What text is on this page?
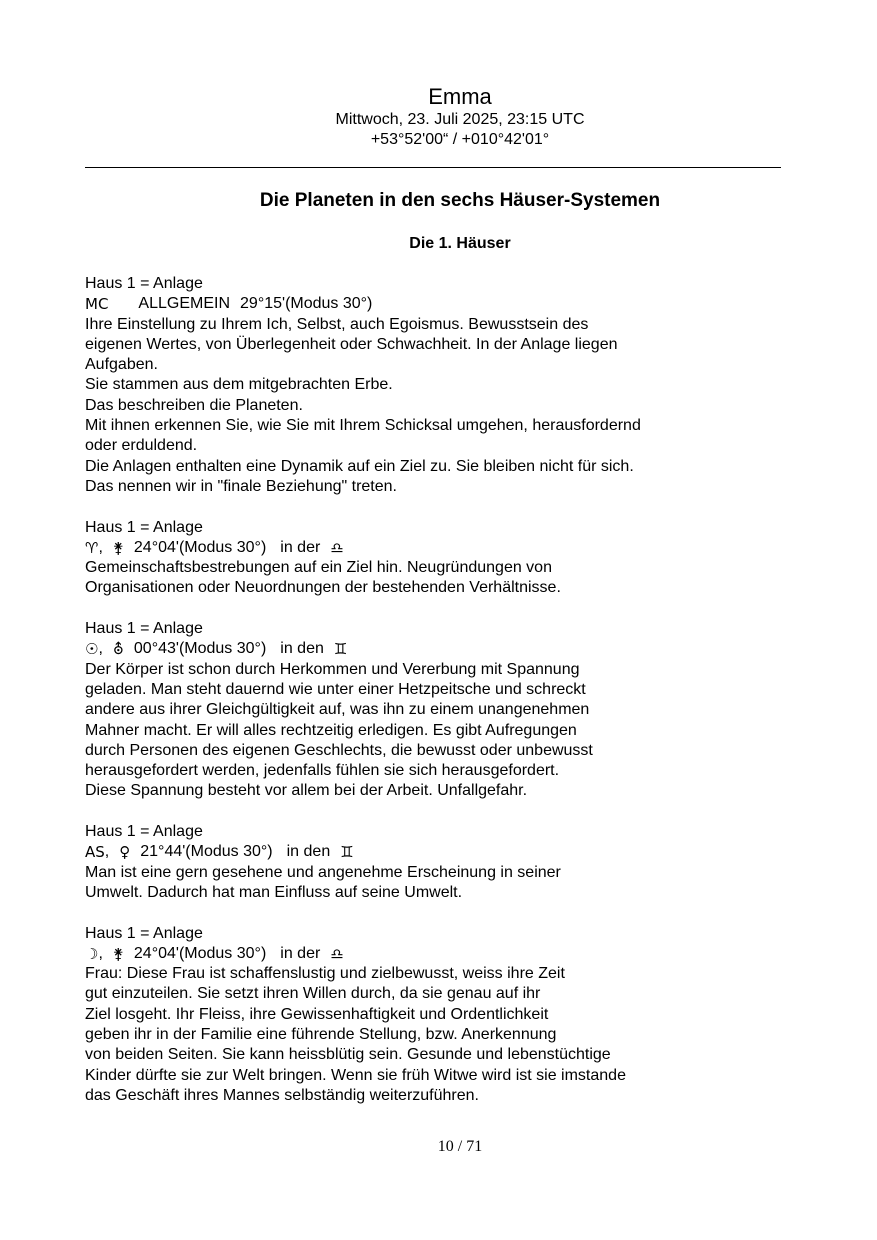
Emma
Mittwoch, 23. Juli 2025, 23:15 UTC
+53°52'00“ / +010°42'01°
Die Planeten in den sechs Häuser-Systemen
Die 1. Häuser

Haus 1 = Anlage

MC ALLGEMEIN 29°15'(Modus 30°)

Ihre Einstellung zu Ihrem Ich, Selbst, auch Egoismus. Bewusstsein des

eigenen Wertes, von Überlegenheit oder Schwachheit. In der Anlage liegen

Aufgaben.

Sie stammen aus dem mitgebrachten Erbe.

Das beschreiben die Planeten.

Mit ihnen erkennen Sie, wie Sie mit Ihrem Schicksal umgehen, herausfordernd

oder erduldend.

Die Anlagen enthalten eine Dynamik auf ein Ziel zu. Sie bleiben nicht für sich.

Das nennen wir in "finale Beziehung" treten.

Haus 1 = Anlage

♈ , ⚵ 24°04'(Modus 30°) in der ♎

Gemeinschaftsbestrebungen auf ein Ziel hin. Neugründungen von

Organisationen oder Neuordnungen der bestehenden Verhältnisse.

Haus 1 = Anlage

☉ , ⛢ 00°43'(Modus 30°) in den ♊

Der Körper ist schon durch Herkommen und Vererbung mit Spannung

geladen. Man steht dauernd wie unter einer Hetzpeitsche und schreckt

andere aus ihrer Gleichgültigkeit auf, was ihn zu einem unangenehmen

Mahner macht. Er will alles rechtzeitig erledigen. Es gibt Aufregungen

durch Personen des eigenen Geschlechts, die bewusst oder unbewusst

herausgefordert werden, jedenfalls fühlen sie sich herausgefordert.

Diese Spannung besteht vor allem bei der Arbeit. Unfallgefahr.

Haus 1 = Anlage

AS , ♀ 21°44'(Modus 30°) in den ♊

Man ist eine gern gesehene und angenehme Erscheinung in seiner

Umwelt. Dadurch hat man Einfluss auf seine Umwelt.

Haus 1 = Anlage

☽ , ⚵ 24°04'(Modus 30°) in der ♎

Frau: Diese Frau ist schaffenslustig und zielbewusst, weiss ihre Zeit

gut einzuteilen. Sie setzt ihren Willen durch, da sie genau auf ihr

Ziel losgeht. Ihr Fleiss, ihre Gewissenhaftigkeit und Ordentlichkeit

geben ihr in der Familie eine führende Stellung, bzw. Anerkennung

von beiden Seiten. Sie kann heissblütig sein. Gesunde und lebenstüchtige

Kinder dürfte sie zur Welt bringen. Wenn sie früh Witwe wird ist sie imstande

das Geschäft ihres Mannes selbständig weiterzuführen.

10 / 71
